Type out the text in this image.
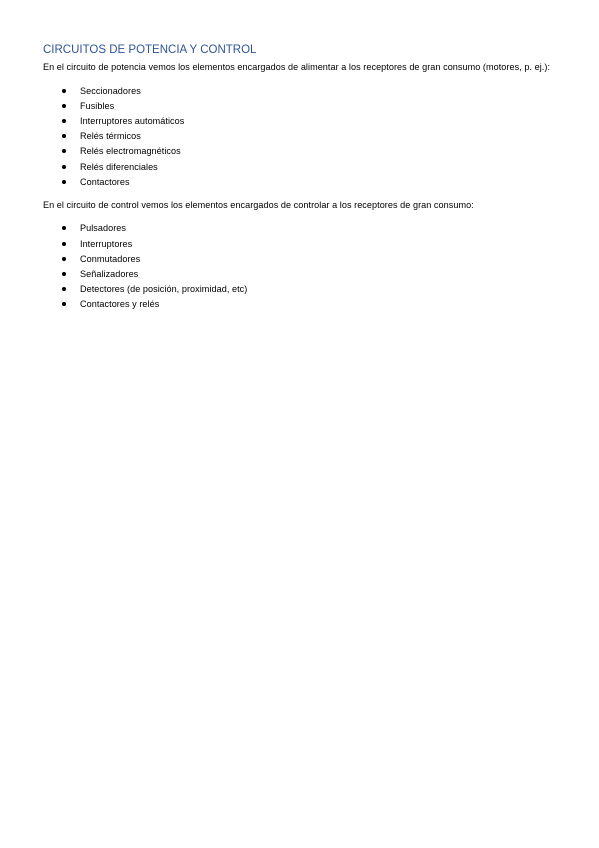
CIRCUITOS DE POTENCIA Y CONTROL

En el circuito de potencia vemos los elementos encargados de alimentar a los receptores de gran consumo (motores, p. ej.):

Seccionadores
Fusibles
Interruptores automáticos
Relés térmicos
Relés electromagnéticos
Relés diferenciales
Contactores

En el circuito de control vemos los elementos encargados de controlar a los receptores de gran consumo:

Pulsadores
Interruptores
Conmutadores
Señalizadores
Detectores (de posición, proximidad, etc)
Contactores y relés
